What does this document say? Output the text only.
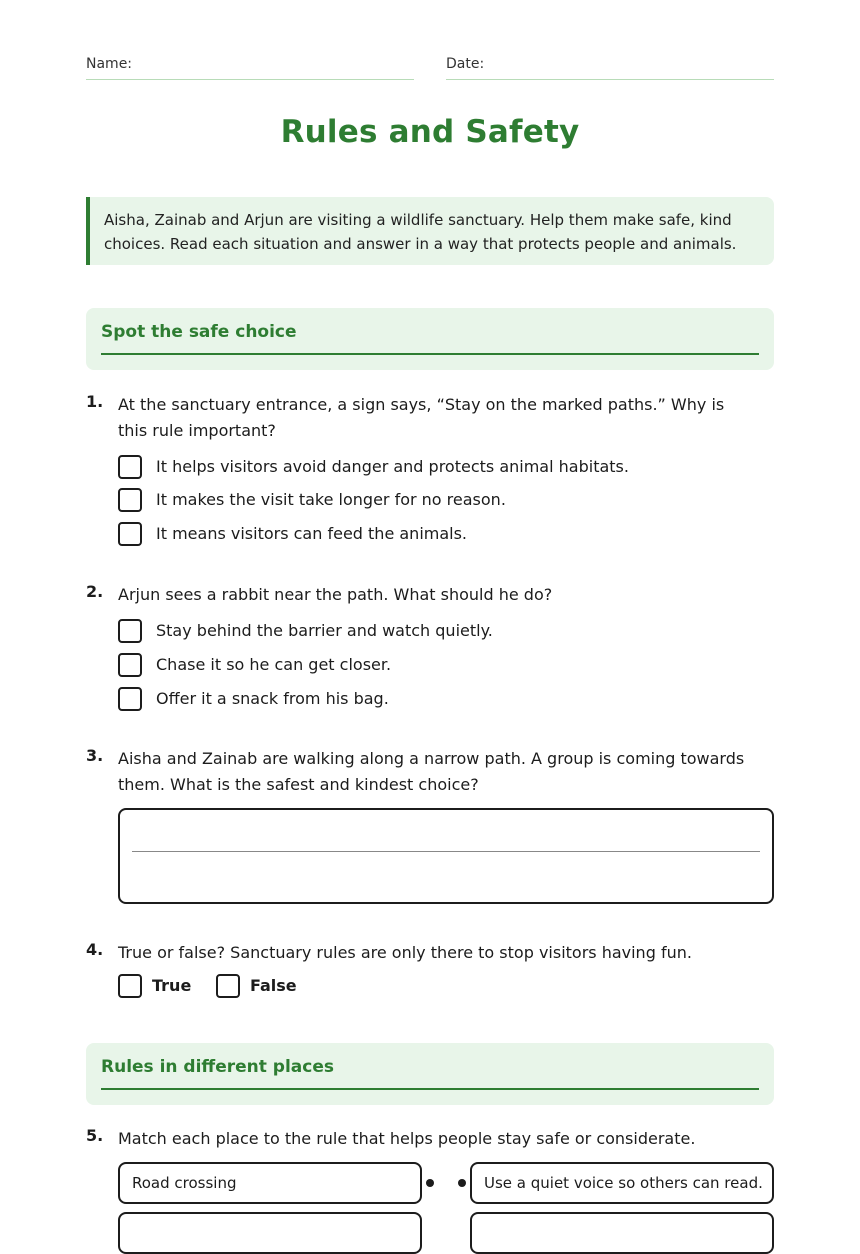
Name:	Date:
Rules and Safety
Aisha, Zainab and Arjun are visiting a wildlife sanctuary. Help them make safe, kind choices. Read each situation and answer in a way that protects people and animals.
Spot the safe choice
1. At the sanctuary entrance, a sign says, “Stay on the marked paths.” Why is this rule important?
It helps visitors avoid danger and protects animal habitats.
It makes the visit take longer for no reason.
It means visitors can feed the animals.
2. Arjun sees a rabbit near the path. What should he do?
Stay behind the barrier and watch quietly.
Chase it so he can get closer.
Offer it a snack from his bag.
3. Aisha and Zainab are walking along a narrow path. A group is coming towards them. What is the safest and kindest choice?
4. True or false? Sanctuary rules are only there to stop visitors having fun.
True	False
Rules in different places
5. Match each place to the rule that helps people stay safe or considerate.
Road crossing	Use a quiet voice so others can read.
